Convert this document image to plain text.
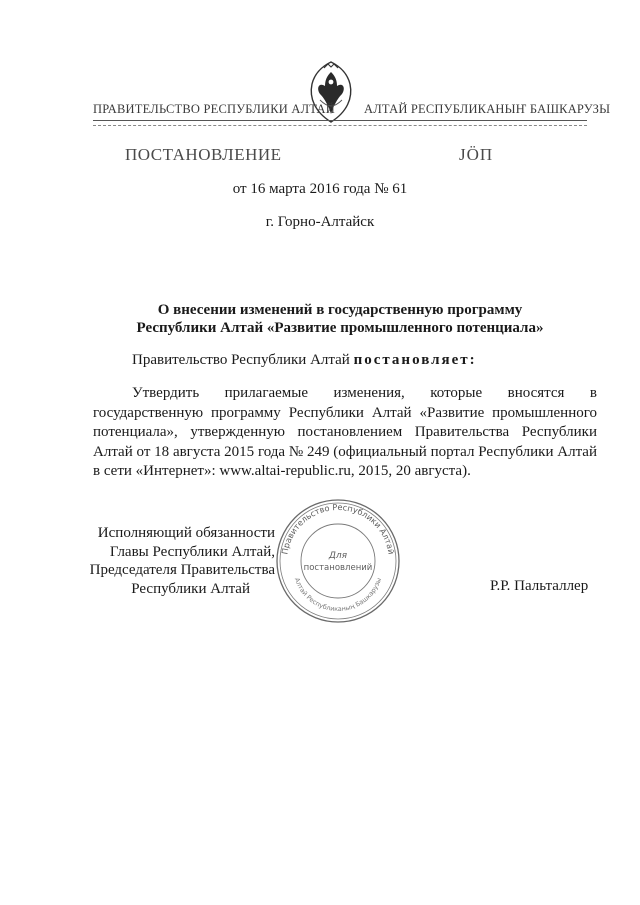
ПРАВИТЕЛЬСТВО РЕСПУБЛИКИ АЛТАЙ АЛТАЙ РЕСПУБЛИКАНЫҤ БАШКАРУЗЫ
ПОСТАНОВЛЕНИЕ	ЈӦП
от 16 марта 2016 года № 61
г. Горно-Алтайск
О внесении изменений в государственную программу
Республики Алтай «Развитие промышленного потенциала»
Правительство Республики Алтай постановляет:
Утвердить прилагаемые изменения, которые вносятся в государственную программу Республики Алтай «Развитие промышленного потенциала», утвержденную постановлением Правительства Республики Алтай от 18 августа 2015 года № 249 (официальный портал Республики Алтай в сети «Интернет»: www.altai-republic.ru, 2015, 20 августа).
Исполняющий обязанности
Главы Республики Алтай,
Председателя Правительства
Республики Алтай
Правительство Республики Алтай
Алтай Республиканың Башкарузы
Для
постановлений
Р.Р. Пальталлер
